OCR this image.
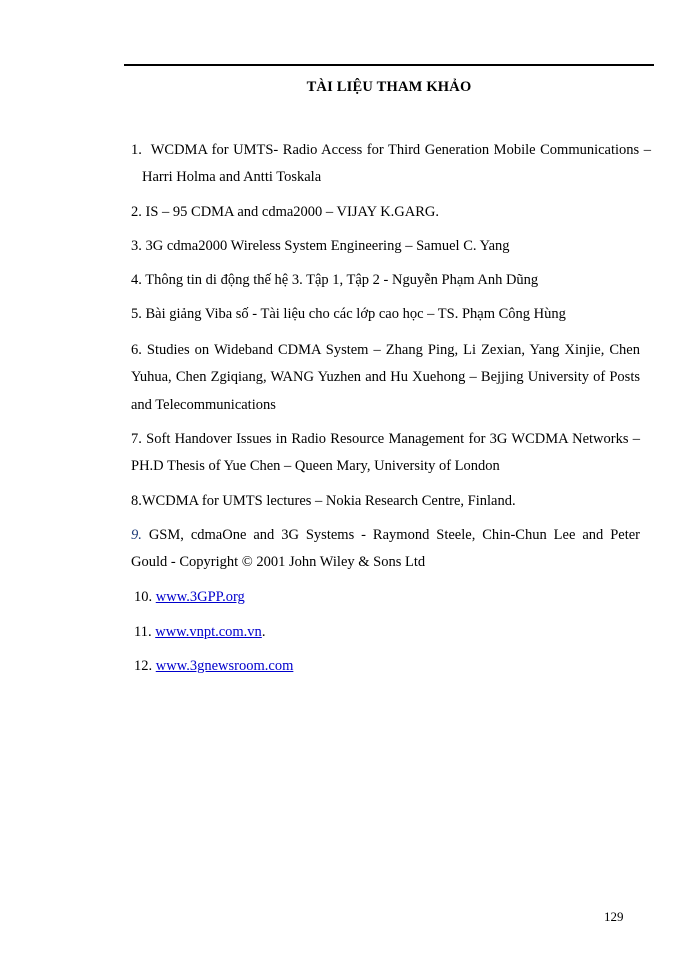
TÀI LIỆU THAM KHẢO

1. WCDMA for UMTS- Radio Access for Third Generation Mobile Communications – Harri Holma and Antti Toskala

2. IS – 95 CDMA and cdma2000 – VIJAY K.GARG.

3. 3G cdma2000 Wireless System Engineering – Samuel C. Yang

4. Thông tin di động thế hệ 3. Tập 1, Tập 2 - Nguyễn Phạm Anh Dũng

5. Bài giảng Viba số - Tài liệu cho các lớp cao học – TS. Phạm Công Hùng

6. Studies on Wideband CDMA System – Zhang Ping, Li Zexian, Yang Xinjie, Chen Yuhua, Chen Zgiqiang, WANG Yuzhen and Hu Xuehong – Bejjing University of Posts and Telecommunications

7. Soft Handover Issues in Radio Resource Management for 3G WCDMA Networks – PH.D Thesis of Yue Chen – Queen Mary, University of London

8.WCDMA for UMTS lectures – Nokia Research Centre, Finland.

9. GSM, cdmaOne and 3G Systems - Raymond Steele, Chin-Chun Lee and Peter Gould - Copyright © 2001 John Wiley & Sons Ltd

10. www.3GPP.org

11. www.vnpt.com.vn.

12. www.3gnewsroom.com

129
